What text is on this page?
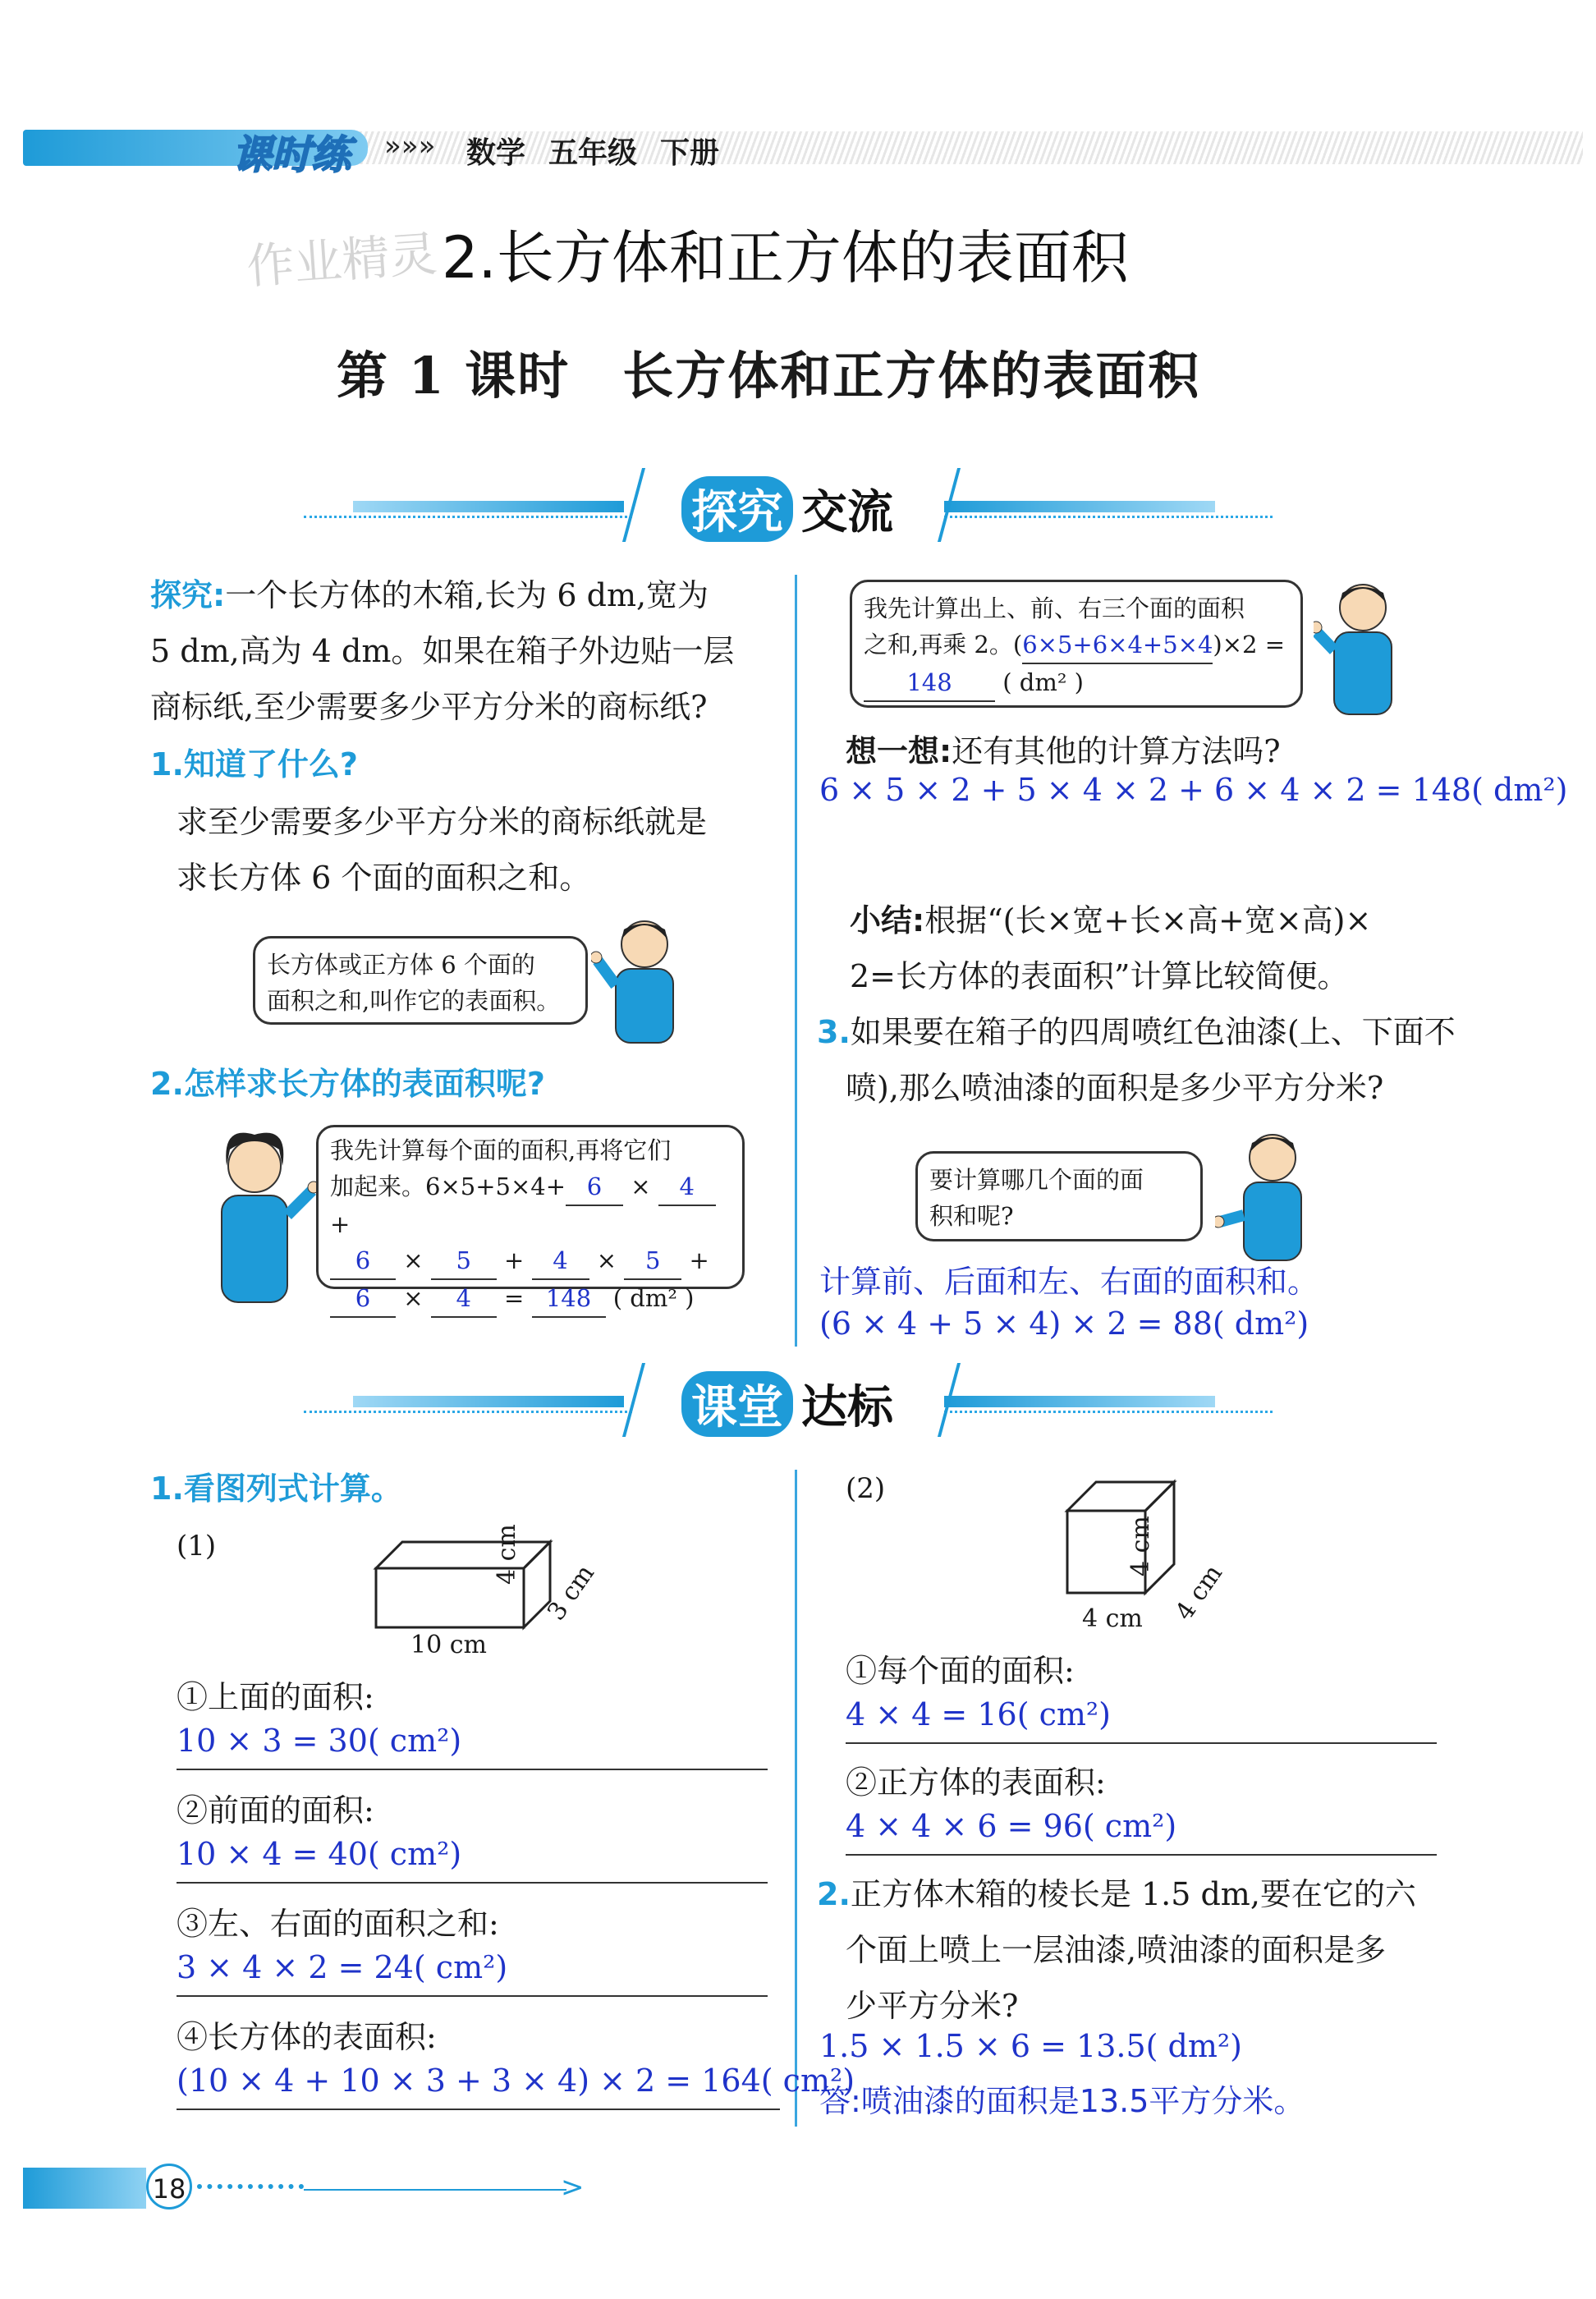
课时练 »»» 数学 五年级 下册
作业精灵 2.长方体和正方体的表面积
第 1 课时　长方体和正方体的表面积
探究 交流
探究:一个长方体的木箱,长为 6 dm,宽为
5 dm,高为 4 dm。如果在箱子外边贴一层
商标纸,至少需要多少平方分米的商标纸?
1.知道了什么?
求至少需要多少平方分米的商标纸就是
求长方体 6 个面的面积之和。
长方体或正方体 6 个面的
面积之和,叫作它的表面积。
2.怎样求长方体的表面积呢?
我先计算每个面的面积,再将它们
加起来。6×5+5×4+ 6 × 4 +
6 × 5 + 4 × 5 +
6 × 4 = 148 ( dm² )
我先计算出上、前、右三个面的面积
之和,再乘 2。(6×5+6×4+5×4)×2 =
148 ( dm² )
想一想:还有其他的计算方法吗?
6 × 5 × 2 + 5 × 4 × 2 + 6 × 4 × 2 = 148( dm²)
小结:根据“(长×宽+长×高+宽×高)×
2=长方体的表面积”计算比较简便。
3.如果要在箱子的四周喷红色油漆(上、下面不
喷),那么喷油漆的面积是多少平方分米?
要计算哪几个面的面
积和呢?
计算前、后面和左、右面的面积和。
(6 × 4 + 5 × 4) × 2 = 88( dm²)
课堂 达标
1.看图列式计算。
(1)
10 cm
4 cm
3 cm
①上面的面积:
10 × 3 = 30( cm²)
②前面的面积:
10 × 4 = 40( cm²)
③左、右面的面积之和:
3 × 4 × 2 = 24( cm²)
④长方体的表面积:
(10 × 4 + 10 × 3 + 3 × 4) × 2 = 164( cm²)
(2)
4 cm
4 cm
4 cm
①每个面的面积:
4 × 4 = 16( cm²)
②正方体的表面积:
4 × 4 × 6 = 96( cm²)
2.正方体木箱的棱长是 1.5 dm,要在它的六
个面上喷上一层油漆,喷油漆的面积是多
少平方分米?
1.5 × 1.5 × 6 = 13.5( dm²)
答:喷油漆的面积是13.5平方分米。
18	>
